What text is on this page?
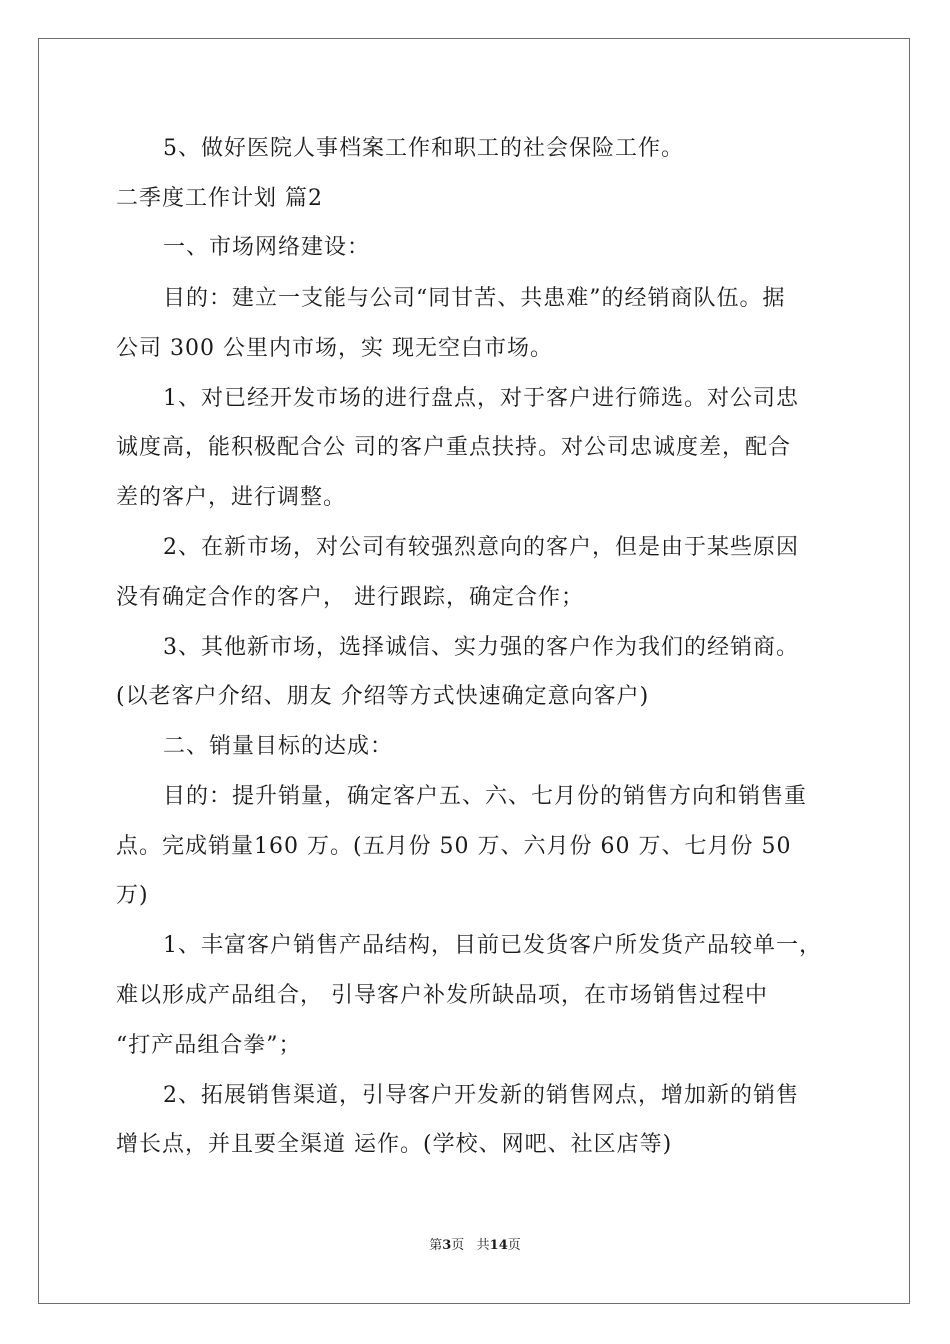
5、做好医院人事档案工作和职工的社会保险工作。
二季度工作计划 篇2
一、市场网络建设：
目的：建立一支能与公司“同甘苦、共患难”的经销商队伍。据
公司 300 公里内市场，实 现无空白市场。
1、对已经开发市场的进行盘点，对于客户进行筛选。对公司忠
诚度高，能积极配合公 司的客户重点扶持。对公司忠诚度差，配合
差的客户，进行调整。
2、在新市场，对公司有较强烈意向的客户，但是由于某些原因
没有确定合作的客户， 进行跟踪，确定合作；
3、其他新市场，选择诚信、实力强的客户作为我们的经销商。
(以老客户介绍、朋友 介绍等方式快速确定意向客户)
二、销量目标的达成：
目的：提升销量，确定客户五、六、七月份的销售方向和销售重
点。完成销量160 万。(五月份 50 万、六月份 60 万、七月份 50
万)
1、丰富客户销售产品结构，目前已发货客户所发货产品较单一，
难以形成产品组合， 引导客户补发所缺品项，在市场销售过程中
“打产品组合拳”；
2、拓展销售渠道，引导客户开发新的销售网点，增加新的销售
增长点，并且要全渠道 运作。(学校、网吧、社区店等)
第3页   共14页
